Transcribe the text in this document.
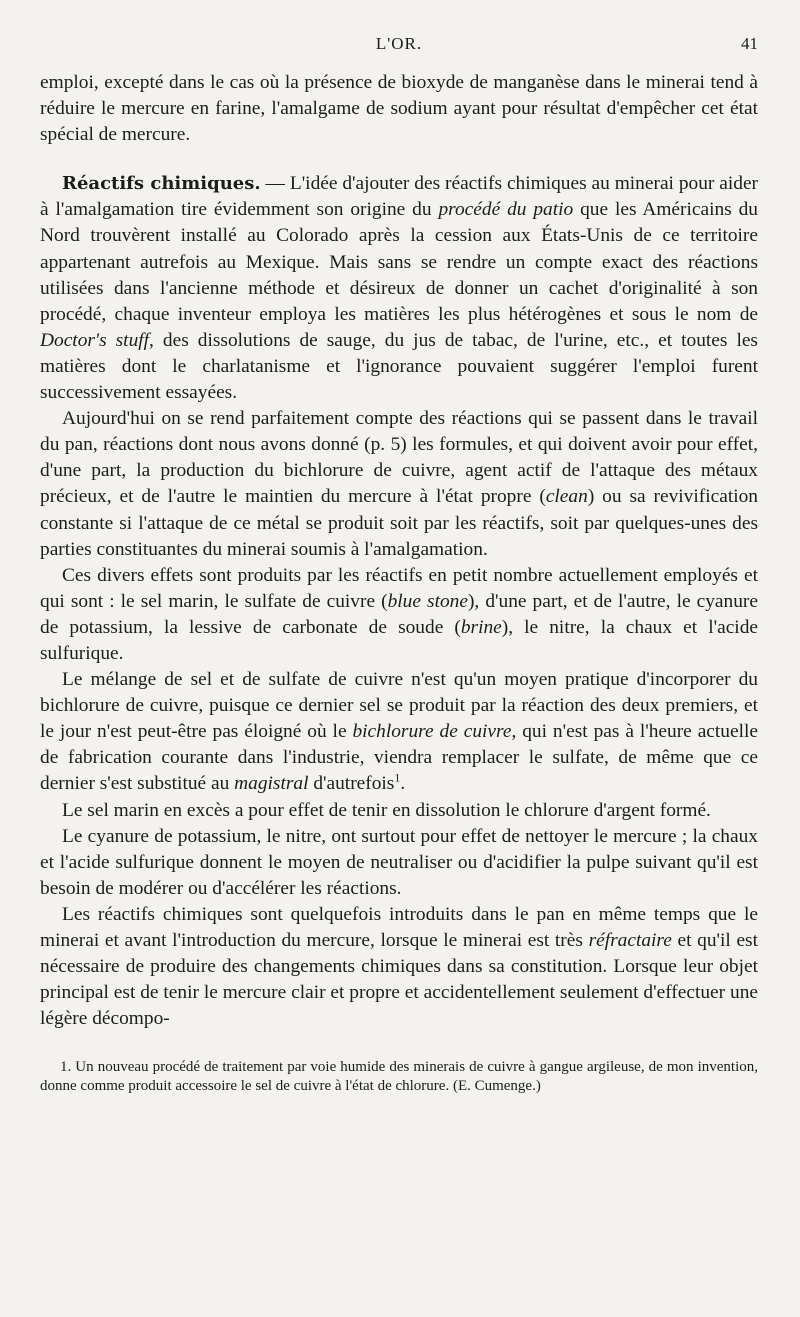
L'OR.	41

emploi, excepté dans le cas où la présence de bioxyde de manganèse dans le minerai tend à réduire le mercure en farine, l'amalgame de sodium ayant pour résultat d'empêcher cet état spécial de mercure.

Réactifs chimiques. — L'idée d'ajouter des réactifs chimiques au minerai pour aider à l'amalgamation tire évidemment son origine du procédé du patio que les Américains du Nord trouvèrent installé au Colorado après la cession aux États-Unis de ce territoire appartenant autrefois au Mexique. Mais sans se rendre un compte exact des réactions utilisées dans l'ancienne méthode et désireux de donner un cachet d'originalité à son procédé, chaque inventeur employa les matières les plus hétérogènes et sous le nom de Doctor's stuff, des dissolutions de sauge, du jus de tabac, de l'urine, etc., et toutes les matières dont le charlatanisme et l'ignorance pouvaient suggérer l'emploi furent successivement essayées.

Aujourd'hui on se rend parfaitement compte des réactions qui se passent dans le travail du pan, réactions dont nous avons donné (p. 5) les formules, et qui doivent avoir pour effet, d'une part, la production du bichlorure de cuivre, agent actif de l'attaque des métaux précieux, et de l'autre le maintien du mercure à l'état propre (clean) ou sa revivification constante si l'attaque de ce métal se produit soit par les réactifs, soit par quelques-unes des parties constituantes du minerai soumis à l'amalgamation.

Ces divers effets sont produits par les réactifs en petit nombre actuellement employés et qui sont : le sel marin, le sulfate de cuivre (blue stone), d'une part, et de l'autre, le cyanure de potassium, la lessive de carbonate de soude (brine), le nitre, la chaux et l'acide sulfurique.

Le mélange de sel et de sulfate de cuivre n'est qu'un moyen pratique d'incorporer du bichlorure de cuivre, puisque ce dernier sel se produit par la réaction des deux premiers, et le jour n'est peut-être pas éloigné où le bichlorure de cuivre, qui n'est pas à l'heure actuelle de fabrication courante dans l'industrie, viendra remplacer le sulfate, de même que ce dernier s'est substitué au magistral d'autrefois$^1$.

Le sel marin en excès a pour effet de tenir en dissolution le chlorure d'argent formé.

Le cyanure de potassium, le nitre, ont surtout pour effet de nettoyer le mercure ; la chaux et l'acide sulfurique donnent le moyen de neutraliser ou d'acidifier la pulpe suivant qu'il est besoin de modérer ou d'accélérer les réactions.

Les réactifs chimiques sont quelquefois introduits dans le pan en même temps que le minerai et avant l'introduction du mercure, lorsque le minerai est très réfractaire et qu'il est nécessaire de produire des changements chimiques dans sa constitution. Lorsque leur objet principal est de tenir le mercure clair et propre et accidentellement seulement d'effectuer une légère décompo-

1. Un nouveau procédé de traitement par voie humide des minerais de cuivre à gangue argileuse, de mon invention, donne comme produit accessoire le sel de cuivre à l'état de chlorure. (E. Cumenge.)
